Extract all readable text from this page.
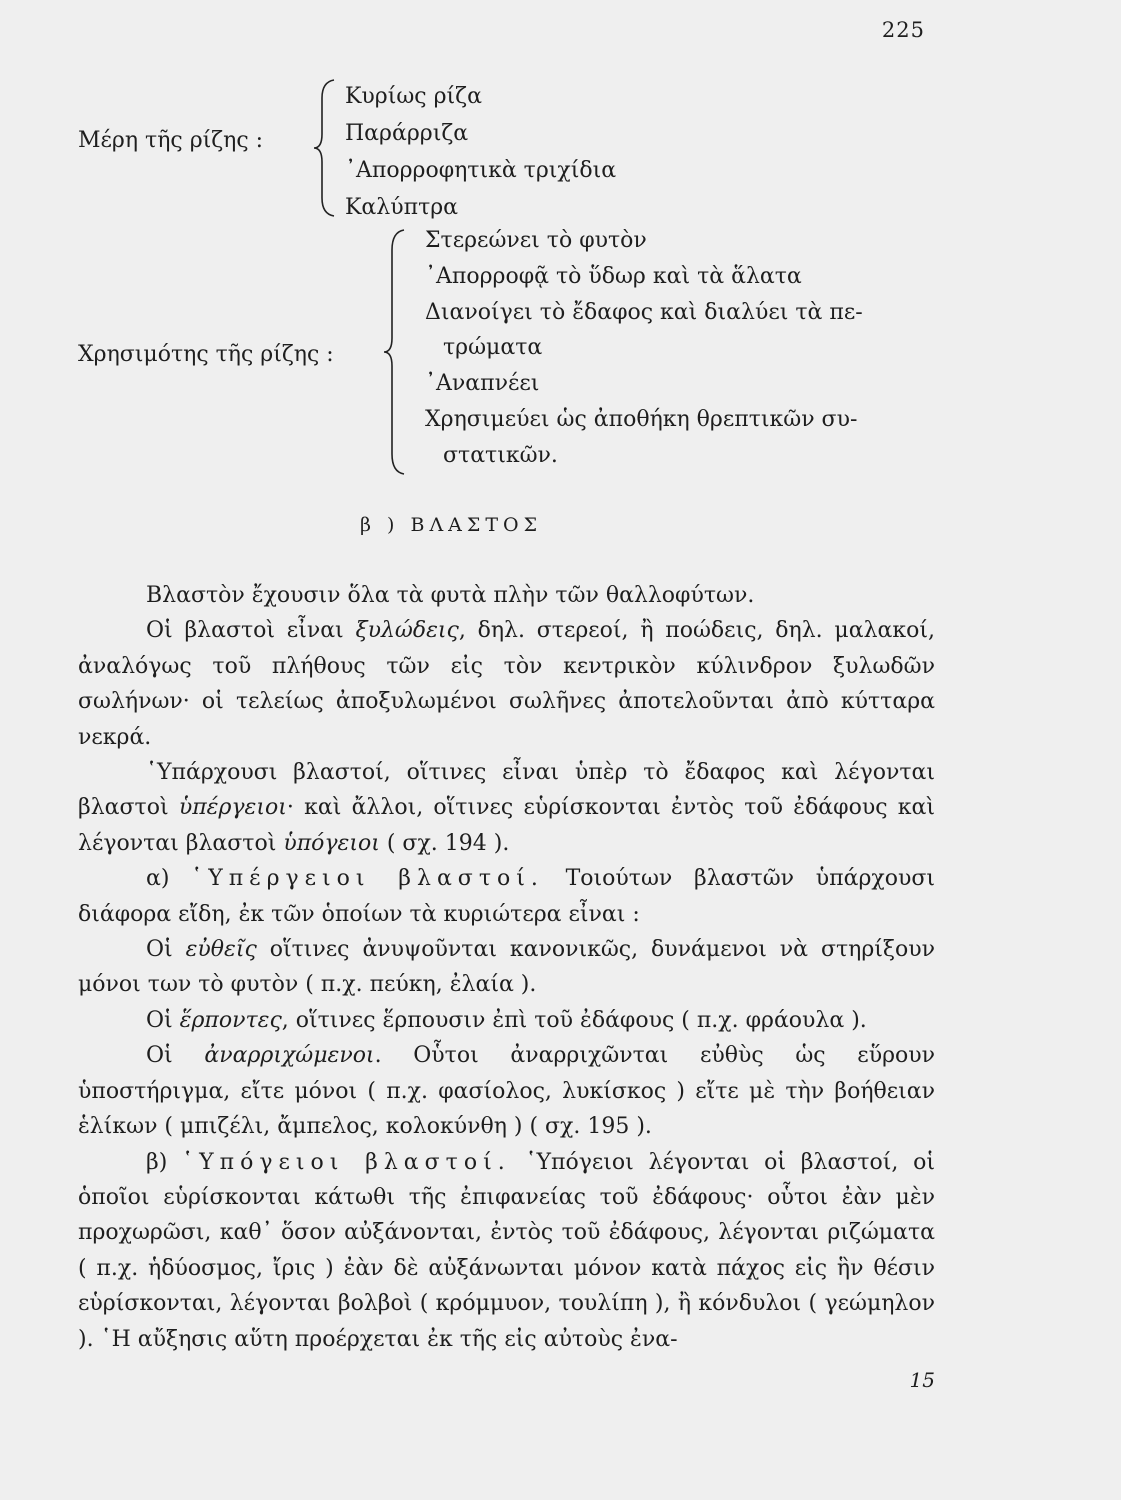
225
Μέρη τῆς ρίζης :
Κυρίως ρίζα
Παράρριζα
᾿Απορροφητικὰ τριχίδια
Καλύπτρα
Χρησιμότης τῆς ρίζης :
Στερεώνει τὸ φυτὸν
᾿Απορροφᾷ τὸ ὕδωρ καὶ τὰ ἅλατα
Διανοίγει τὸ ἔδαφος καὶ διαλύει τὰ πε-
τρώματα
᾿Αναπνέει
Χρησιμεύει ὡς ἀποθήκη θρεπτικῶν συ-
στατικῶν.
β ) ΒΛΑΣΤΟΣ

Βλαστὸν ἔχουσιν ὅλα τὰ φυτὰ πλὴν τῶν θαλλοφύτων.

Οἱ βλαστοὶ εἶναι ξυλώδεις, δηλ. στερεοί, ἢ ποώδεις, δηλ. μαλακοί, ἀναλόγως τοῦ πλήθους τῶν εἰς τὸν κεντρικὸν κύλινδρον ξυλωδῶν σωλήνων· οἱ τελείως ἀποξυλωμένοι σωλῆνες ἀποτελοῦνται ἀπὸ κύτταρα νεκρά.

῾Υπάρχουσι βλαστοί, οἵτινες εἶναι ὑπὲρ τὸ ἔδαφος καὶ λέγονται βλαστοὶ ὑπέργειοι· καὶ ἄλλοι, οἵτινες εὑρίσκονται ἐντὸς τοῦ ἐδάφους καὶ λέγονται βλαστοὶ ὑπόγειοι ( σχ. 194 ).

α) ῾Υπέργειοι βλαστοί. Τοιούτων βλαστῶν ὑπάρχουσι διάφορα εἴδη, ἐκ τῶν ὁποίων τὰ κυριώτερα εἶναι :

Οἱ εὐθεῖς οἵτινες ἀνυψοῦνται κανονικῶς, δυνάμενοι νὰ στηρίξουν μόνοι των τὸ φυτὸν ( π.χ. πεύκη, ἐλαία ).

Οἱ ἕρποντες, οἵτινες ἕρπουσιν ἐπὶ τοῦ ἐδάφους ( π.χ. φράουλα ).

Οἱ ἀναρριχώμενοι. Οὗτοι ἀναρριχῶνται εὐθὺς ὡς εὕρουν ὑποστήριγμα, εἴτε μόνοι ( π.χ. φασίολος, λυκίσκος ) εἴτε μὲ τὴν βοήθειαν ἑλίκων ( μπιζέλι, ἄμπελος, κολοκύνθη ) ( σχ. 195 ).

β) ῾Υπόγειοι βλαστοί. ῾Υπόγειοι λέγονται οἱ βλαστοί, οἱ ὁποῖοι εὑρίσκονται κάτωθι τῆς ἐπιφανείας τοῦ ἐδάφους· οὗτοι ἐὰν μὲν προχωρῶσι, καθ᾿ ὅσον αὐξάνονται, ἐντὸς τοῦ ἐδάφους, λέγονται ριζώματα ( π.χ. ἡδύοσμος, ἴρις ) ἐὰν δὲ αὐξάνωνται μόνον κατὰ πάχος εἰς ἣν θέσιν εὑρίσκονται, λέγονται βολβοὶ ( κρόμμυον, τουλίπη ), ἢ κόνδυλοι ( γεώμηλον ). ῾Η αὔξησις αὕτη προέρχεται ἐκ τῆς εἰς αὐτοὺς ἐνα-

15
